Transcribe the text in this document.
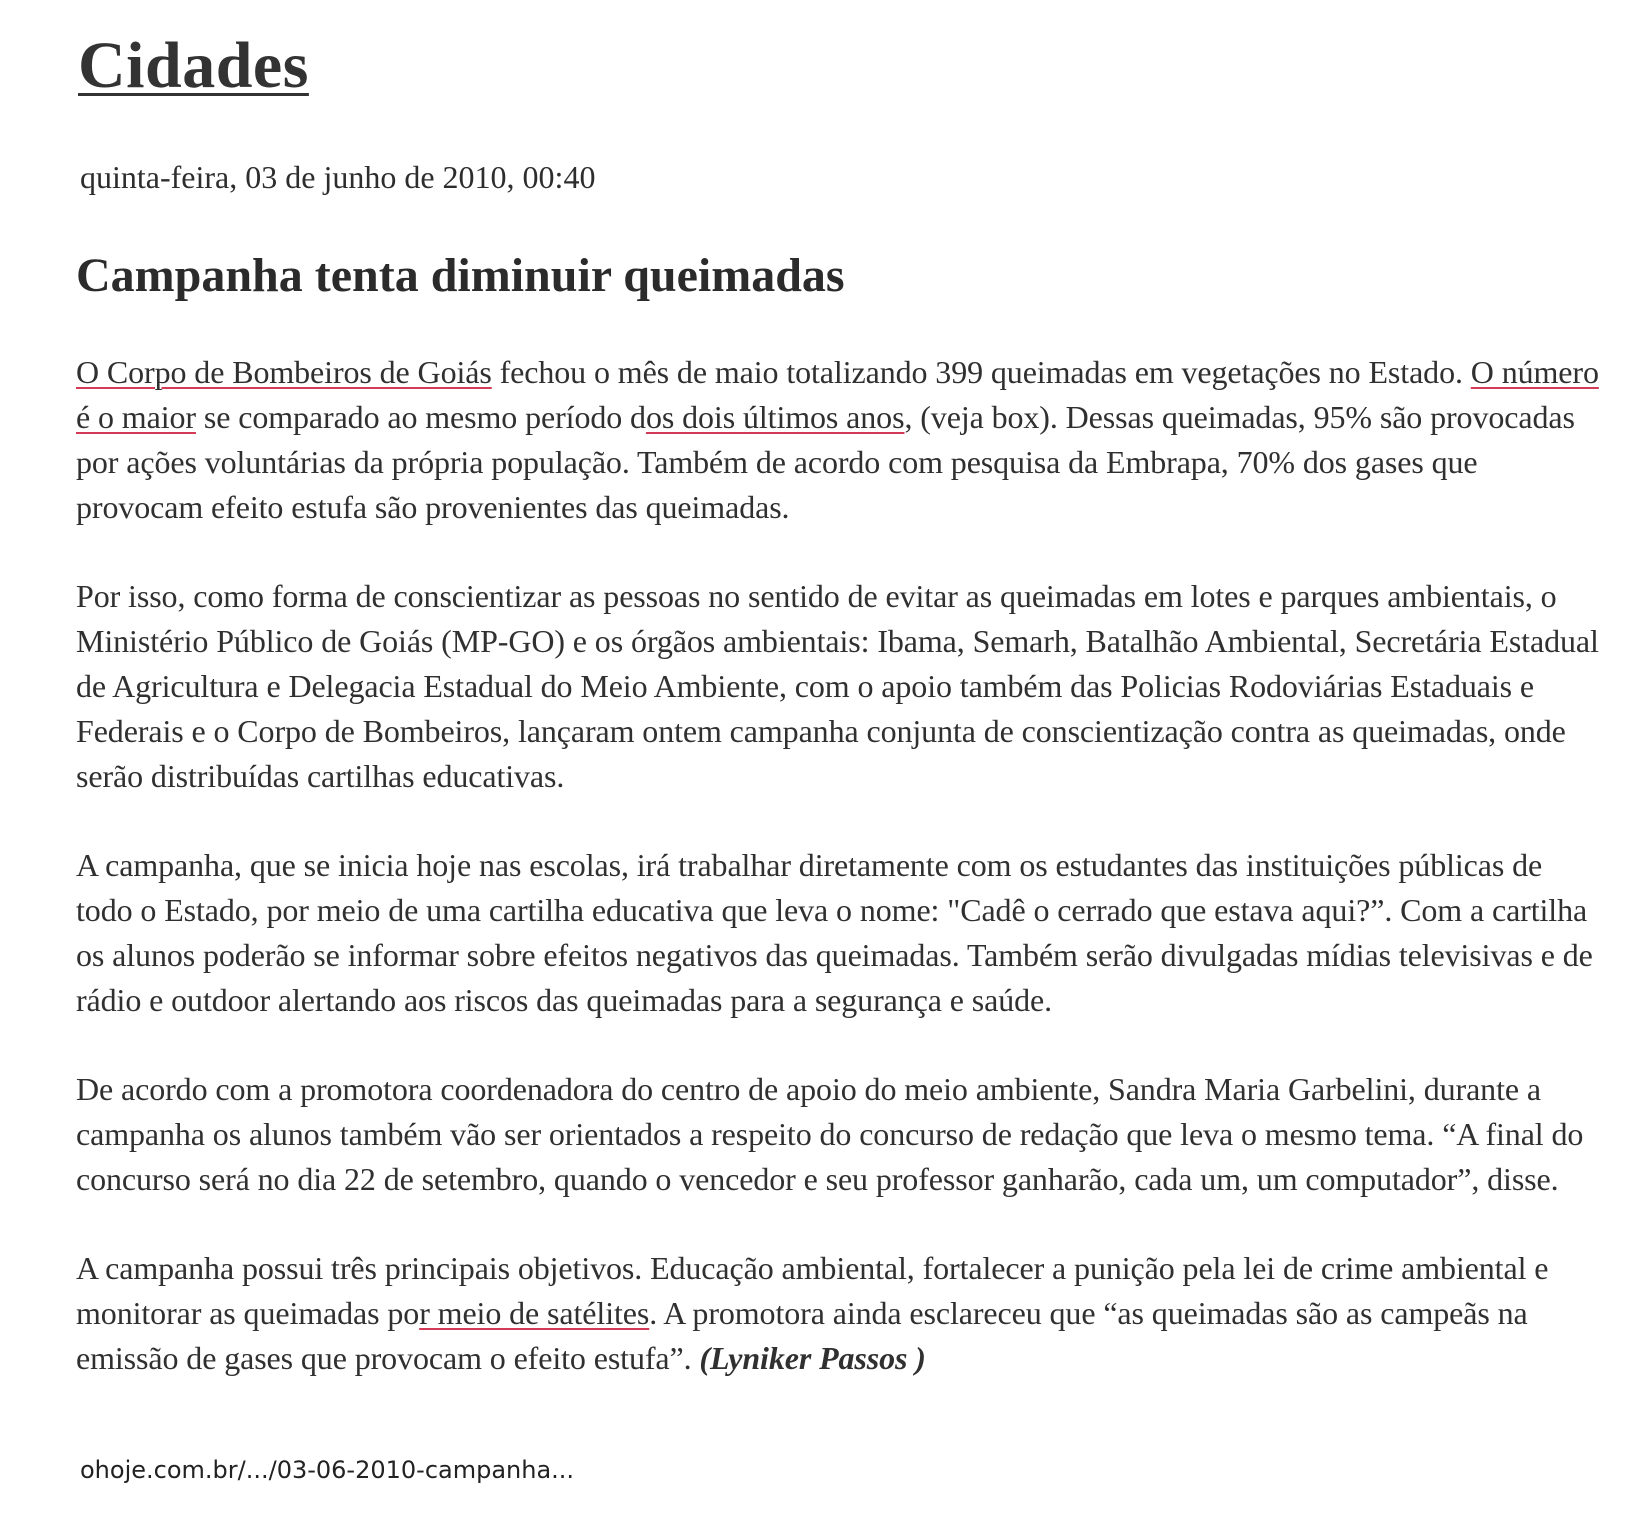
Cidades

quinta-feira, 03 de junho de 2010, 00:40

Campanha tenta diminuir queimadas

O Corpo de Bombeiros de Goiás fechou o mês de maio totalizando 399 queimadas em vegetações no Estado. O número é o maior se comparado ao mesmo período dos dois últimos anos, (veja box). Dessas queimadas, 95% são provocadas por ações voluntárias da própria população. Também de acordo com pesquisa da Embrapa, 70% dos gases que provocam efeito estufa são provenientes das queimadas.

Por isso, como forma de conscientizar as pessoas no sentido de evitar as queimadas em lotes e parques ambientais, o Ministério Público de Goiás (MP-GO) e os órgãos ambientais: Ibama, Semarh, Batalhão Ambiental, Secretária Estadual de Agricultura e Delegacia Estadual do Meio Ambiente, com o apoio também das Policias Rodoviárias Estaduais e Federais e o Corpo de Bombeiros, lançaram ontem campanha conjunta de conscientização contra as queimadas, onde serão distribuídas cartilhas educativas.

A campanha, que se inicia hoje nas escolas, irá trabalhar diretamente com os estudantes das instituições públicas de todo o Estado, por meio de uma cartilha educativa que leva o nome: "Cadê o cerrado que estava aqui?”. Com a cartilha os alunos poderão se informar sobre efeitos negativos das queimadas. Também serão divulgadas mídias televisivas e de rádio e outdoor alertando aos riscos das queimadas para a segurança e saúde.

De acordo com a promotora coordenadora do centro de apoio do meio ambiente, Sandra Maria Garbelini, durante a campanha os alunos também vão ser orientados a respeito do concurso de redação que leva o mesmo tema. “A final do concurso será no dia 22 de setembro, quando o vencedor e seu professor ganharão, cada um, um computador”, disse.

A campanha possui três principais objetivos. Educação ambiental, fortalecer a punição pela lei de crime ambiental e monitorar as queimadas por meio de satélites. A promotora ainda esclareceu que “as queimadas são as campeãs na emissão de gases que provocam o efeito estufa”. (Lyniker Passos )

ohoje.com.br/.../03-06-2010-campanha...
